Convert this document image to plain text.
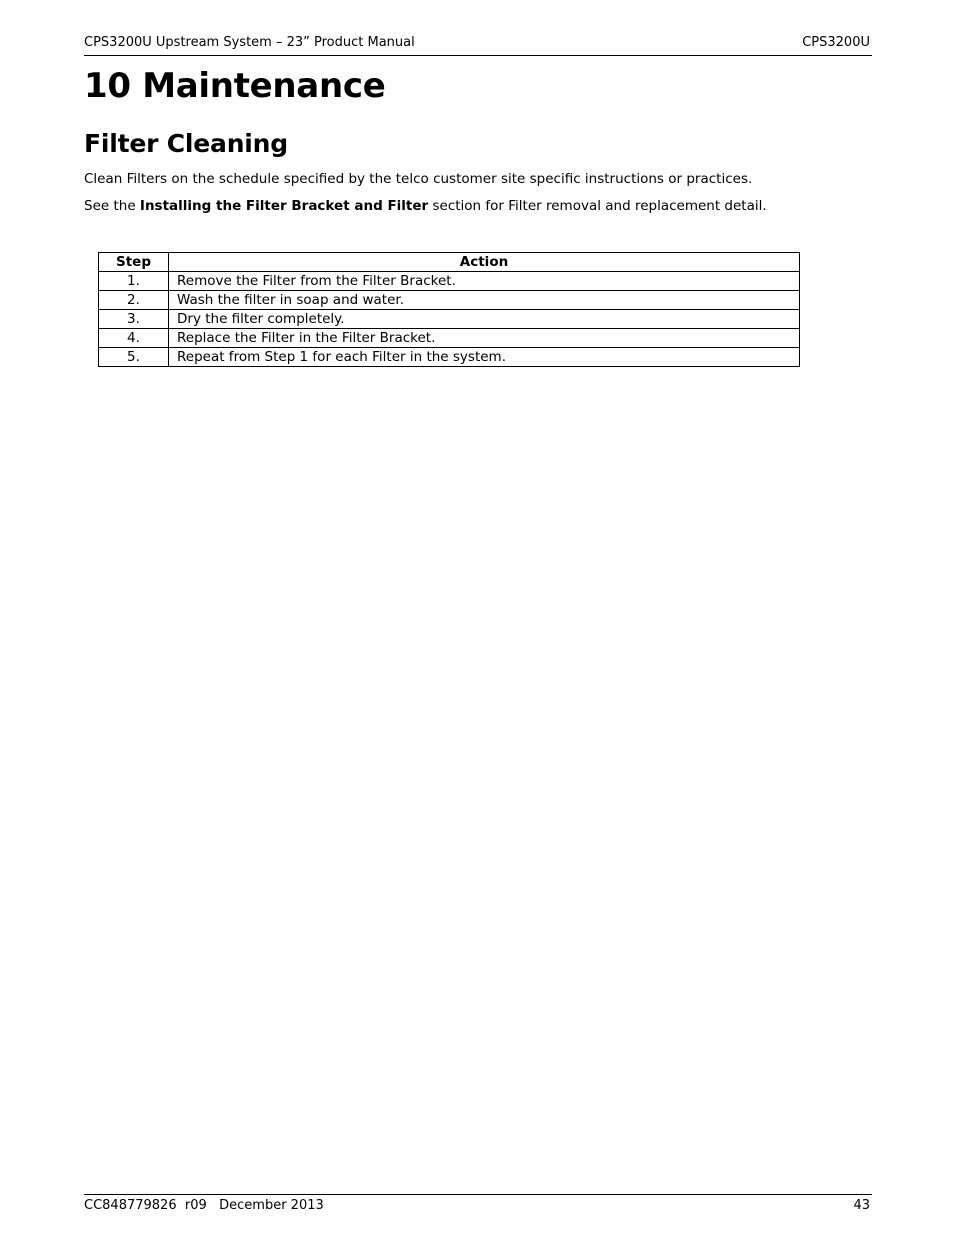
CPS3200U Upstream System – 23” Product Manual	CPS3200U
10 Maintenance
Filter Cleaning

Clean Filters on the schedule specified by the telco customer site specific instructions or practices.

See the Installing the Filter Bracket and Filter section for Filter removal and replacement detail.

Step	Action
1.	Remove the Filter from the Filter Bracket.
2.	Wash the filter in soap and water.
3.	Dry the filter completely.
4.	Replace the Filter in the Filter Bracket.
5.	Repeat from Step 1 for each Filter in the system.
CC848779826  r09   December 2013	43
